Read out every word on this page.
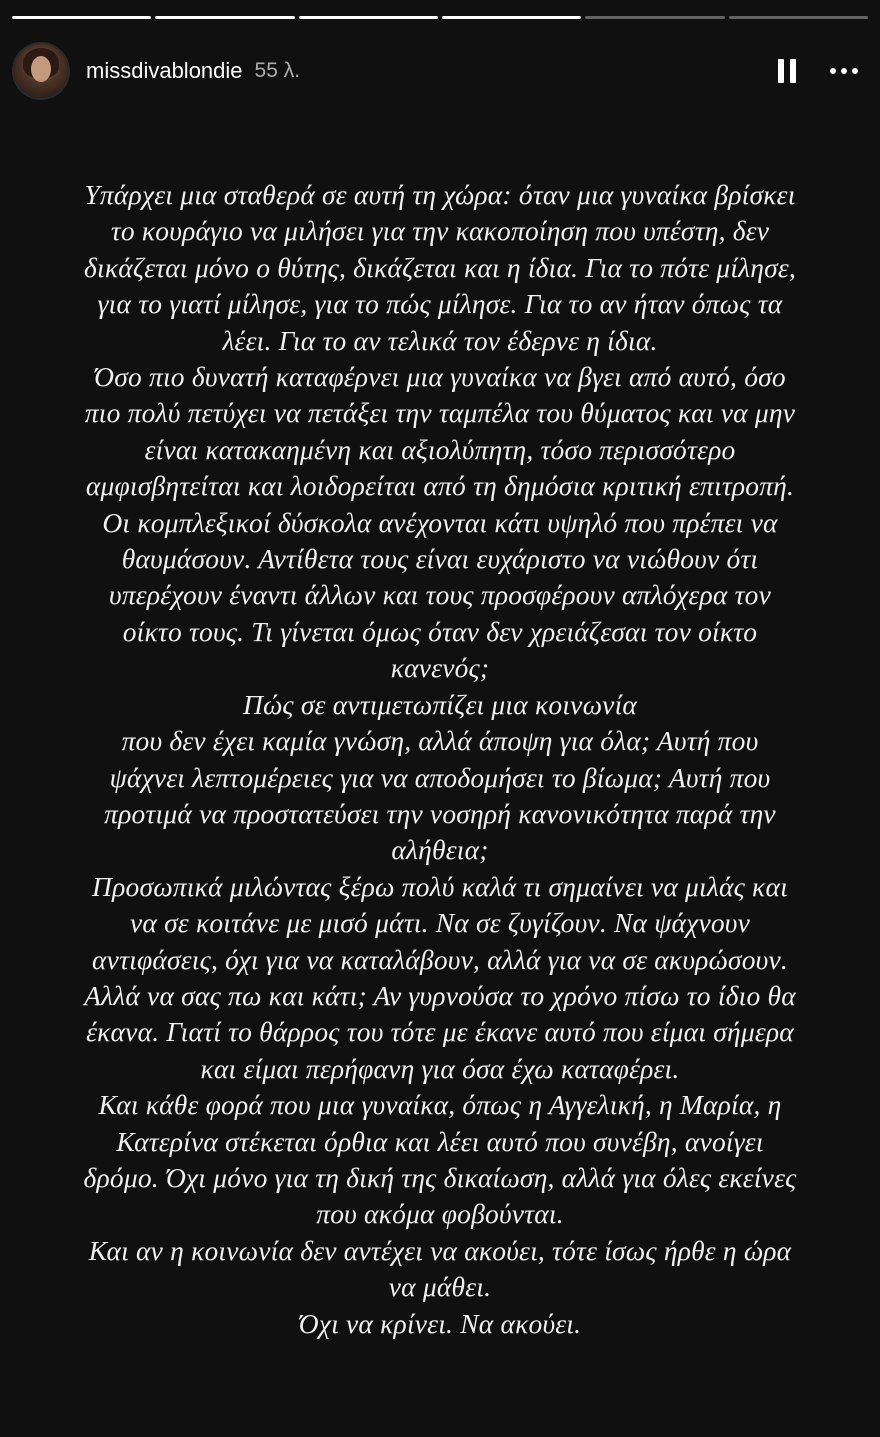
missdivablondie 55 λ.
Υπάρχει μια σταθερά σε αυτή τη χώρα: όταν μια γυναίκα βρίσκει
το κουράγιο να μιλήσει για την κακοποίηση που υπέστη, δεν
δικάζεται μόνο ο θύτης, δικάζεται και η ίδια. Για το πότε μίλησε,
για το γιατί μίλησε, για το πώς μίλησε. Για το αν ήταν όπως τα
λέει. Για το αν τελικά τον έδερνε η ίδια.
Όσο πιο δυνατή καταφέρνει μια γυναίκα να βγει από αυτό, όσο
πιο πολύ πετύχει να πετάξει την ταμπέλα του θύματος και να μην
είναι κατακαημένη και αξιολύπητη, τόσο περισσότερο
αμφισβητείται και λοιδορείται από τη δημόσια κριτική επιτροπή.
Οι κομπλεξικοί δύσκολα ανέχονται κάτι υψηλό που πρέπει να
θαυμάσουν. Αντίθετα τους είναι ευχάριστο να νιώθουν ότι
υπερέχουν έναντι άλλων και τους προσφέρουν απλόχερα τον
οίκτο τους. Τι γίνεται όμως όταν δεν χρειάζεσαι τον οίκτο
κανενός;
Πώς σε αντιμετωπίζει μια κοινωνία
που δεν έχει καμία γνώση, αλλά άποψη για όλα; Αυτή που
ψάχνει λεπτομέρειες για να αποδομήσει το βίωμα; Αυτή που
προτιμά να προστατεύσει την νοσηρή κανονικότητα παρά την
αλήθεια;
Προσωπικά μιλώντας ξέρω πολύ καλά τι σημαίνει να μιλάς και
να σε κοιτάνε με μισό μάτι. Να σε ζυγίζουν. Να ψάχνουν
αντιφάσεις, όχι για να καταλάβουν, αλλά για να σε ακυρώσουν.
Αλλά να σας πω και κάτι; Αν γυρνούσα το χρόνο πίσω το ίδιο θα
έκανα. Γιατί το θάρρος του τότε με έκανε αυτό που είμαι σήμερα
και είμαι περήφανη για όσα έχω καταφέρει.
Και κάθε φορά που μια γυναίκα, όπως η Αγγελική, η Μαρία, η
Κατερίνα στέκεται όρθια και λέει αυτό που συνέβη, ανοίγει
δρόμο. Όχι μόνο για τη δική της δικαίωση, αλλά για όλες εκείνες
που ακόμα φοβούνται.
Και αν η κοινωνία δεν αντέχει να ακούει, τότε ίσως ήρθε η ώρα
να μάθει.
Όχι να κρίνει. Να ακούει.
